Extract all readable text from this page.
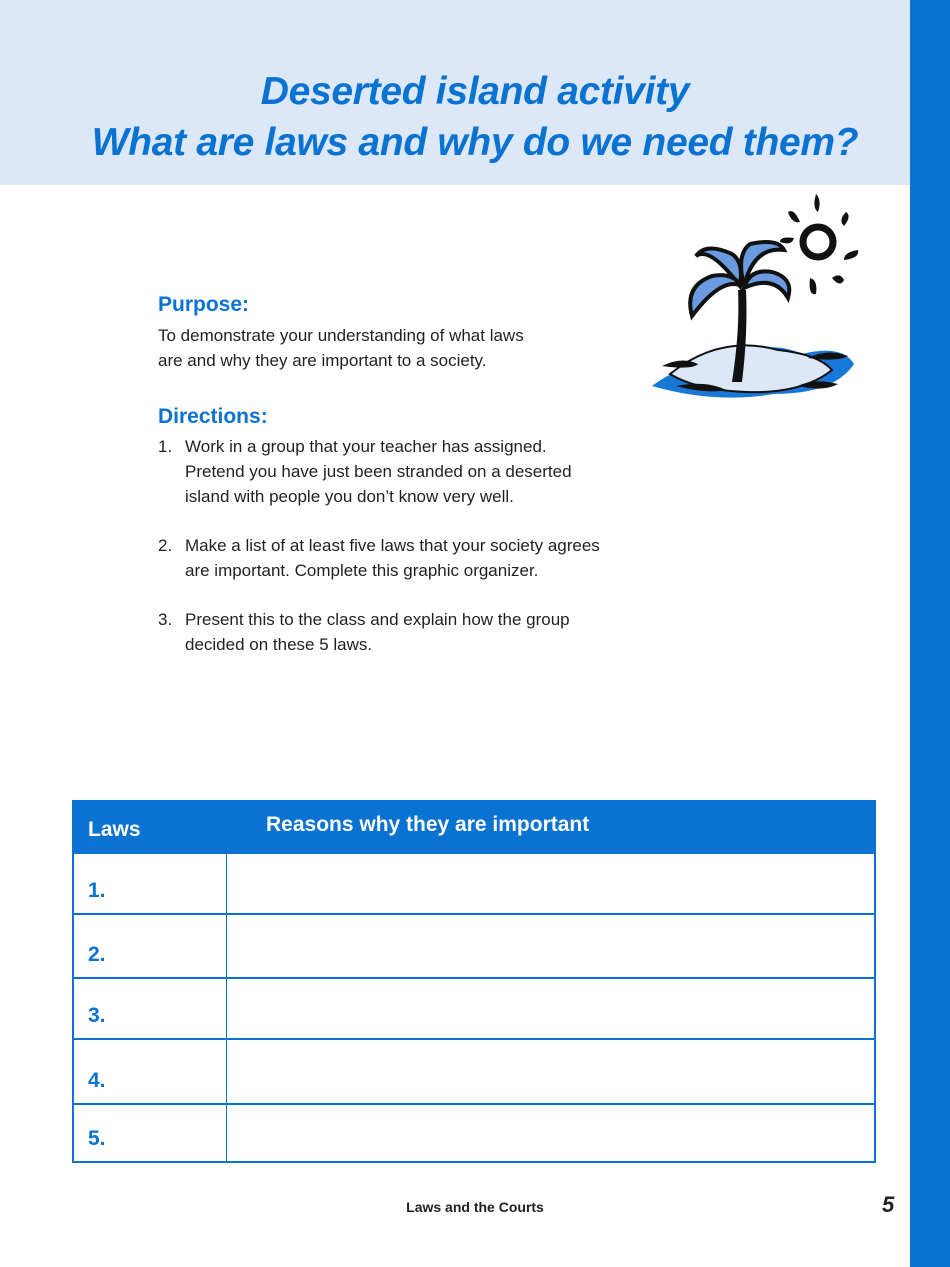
Deserted island activity
What are laws and why do we need them?
Purpose:
To demonstrate your understanding of what laws
are and why they are important to a society.
Directions:
1. Work in a group that your teacher has assigned.
Pretend you have just been stranded on a deserted
island with people you don’t know very well.
2. Make a list of at least five laws that your society agrees
are important. Complete this graphic organizer.
3. Present this to the class and explain how the group
decided on these 5 laws.
Laws	Reasons why they are important
1.
2.
3.
4.
5.
Laws and the Courts	5
